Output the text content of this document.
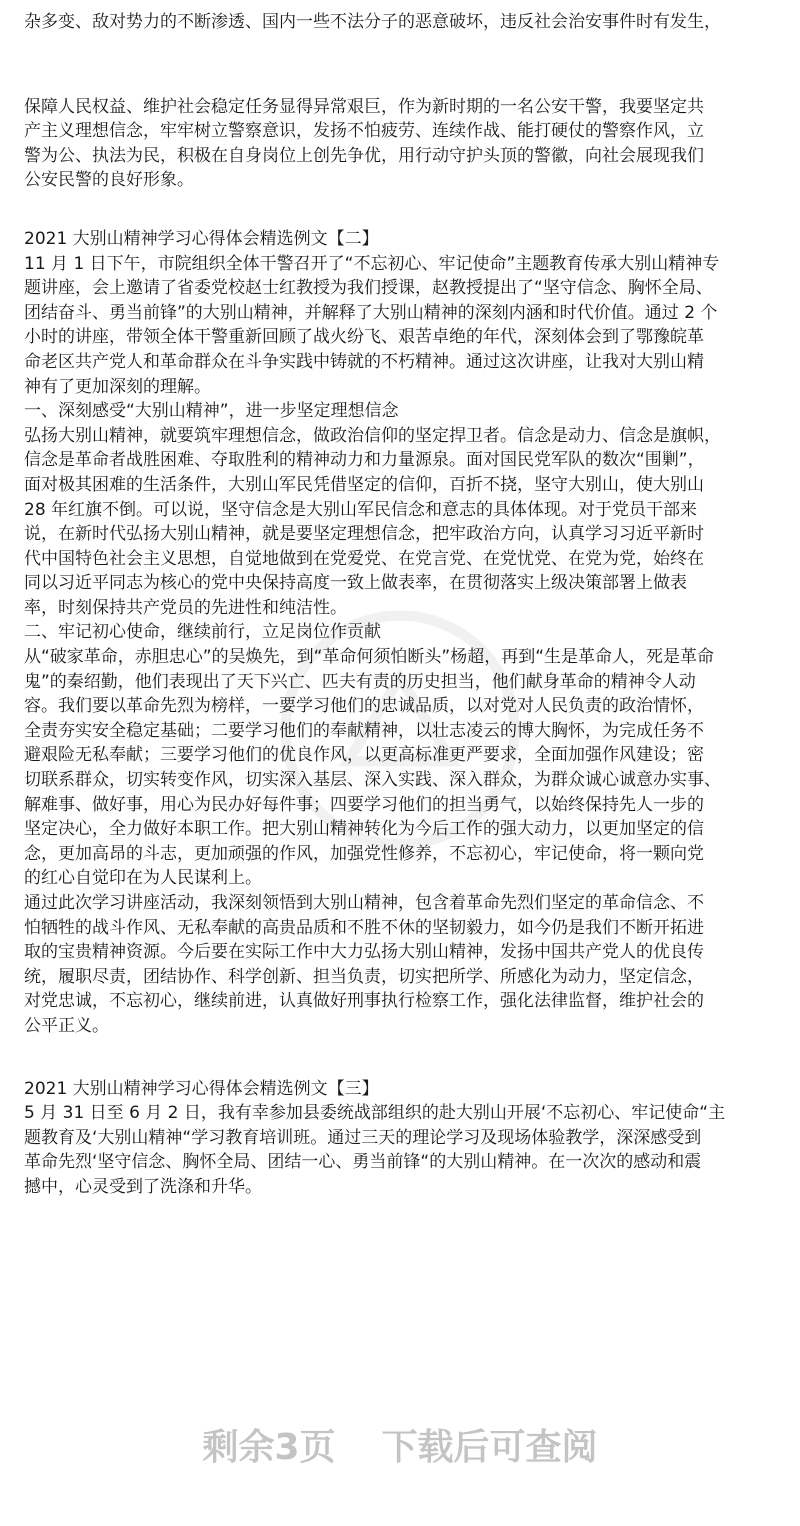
杂多变、敌对势力的不断渗透、国内一些不法分子的恶意破坏，违反社会治安事件时有发生，
保障人民权益、维护社会稳定任务显得异常艰巨，作为新时期的一名公安干警，我要坚定共
产主义理想信念，牢牢树立警察意识，发扬不怕疲劳、连续作战、能打硬仗的警察作风，立
警为公、执法为民，积极在自身岗位上创先争优，用行动守护头顶的警徽，向社会展现我们
公安民警的良好形象。
2021 大别山精神学习心得体会精选例文【二】
11 月 1 日下午，市院组织全体干警召开了“不忘初心、牢记使命”主题教育传承大别山精神专
题讲座，会上邀请了省委党校赵士红教授为我们授课，赵教授提出了“坚守信念、胸怀全局、
团结奋斗、勇当前锋”的大别山精神，并解释了大别山精神的深刻内涵和时代价值。通过 2 个
小时的讲座，带领全体干警重新回顾了战火纷飞、艰苦卓绝的年代，深刻体会到了鄂豫皖革
命老区共产党人和革命群众在斗争实践中铸就的不朽精神。通过这次讲座，让我对大别山精
神有了更加深刻的理解。
一、深刻感受“大别山精神”，进一步坚定理想信念
弘扬大别山精神，就要筑牢理想信念，做政治信仰的坚定捍卫者。信念是动力、信念是旗帜，
信念是革命者战胜困难、夺取胜利的精神动力和力量源泉。面对国民党军队的数次“围剿”，
面对极其困难的生活条件，大别山军民凭借坚定的信仰，百折不挠，坚守大别山，使大别山
28 年红旗不倒。可以说，坚守信念是大别山军民信念和意志的具体体现。对于党员干部来
说，在新时代弘扬大别山精神，就是要坚定理想信念，把牢政治方向，认真学习习近平新时
代中国特色社会主义思想，自觉地做到在党爱党、在党言党、在党忧党、在党为党，始终在
同以习近平同志为核心的党中央保持高度一致上做表率，在贯彻落实上级决策部署上做表
率，时刻保持共产党员的先进性和纯洁性。
二、牢记初心使命，继续前行，立足岗位作贡献
从“破家革命，赤胆忠心”的吴焕先，到“革命何须怕断头”杨超，再到“生是革命人，死是革命
鬼”的秦绍勤，他们表现出了天下兴亡、匹夫有责的历史担当，他们献身革命的精神令人动
容。我们要以革命先烈为榜样，一要学习他们的忠诚品质，以对党对人民负责的政治情怀，
全责夯实安全稳定基础；二要学习他们的奉献精神，以壮志凌云的博大胸怀，为完成任务不
避艰险无私奉献；三要学习他们的优良作风，以更高标准更严要求，全面加强作风建设；密
切联系群众，切实转变作风，切实深入基层、深入实践、深入群众，为群众诚心诚意办实事、
解难事、做好事，用心为民办好每件事；四要学习他们的担当勇气，以始终保持先人一步的
坚定决心，全力做好本职工作。把大别山精神转化为今后工作的强大动力，以更加坚定的信
念，更加高昂的斗志，更加顽强的作风，加强党性修养，不忘初心，牢记使命，将一颗向党
的红心自觉印在为人民谋利上。
通过此次学习讲座活动，我深刻领悟到大别山精神，包含着革命先烈们坚定的革命信念、不
怕牺牲的战斗作风、无私奉献的高贵品质和不胜不休的坚韧毅力，如今仍是我们不断开拓进
取的宝贵精神资源。今后要在实际工作中大力弘扬大别山精神，发扬中国共产党人的优良传
统，履职尽责，团结协作、科学创新、担当负责，切实把所学、所感化为动力，坚定信念，
对党忠诚，不忘初心，继续前进，认真做好刑事执行检察工作，强化法律监督，维护社会的
公平正义。
2021 大别山精神学习心得体会精选例文【三】
5 月 31 日至 6 月 2 日，我有幸参加县委统战部组织的赴大别山开展‘不忘初心、牢记使命“主
题教育及‘大别山精神“学习教育培训班。通过三天的理论学习及现场体验教学，深深感受到
革命先烈‘坚守信念、胸怀全局、团结一心、勇当前锋“的大别山精神。在一次次的感动和震
撼中，心灵受到了洗涤和升华。
剩余3页 下载后可查阅
